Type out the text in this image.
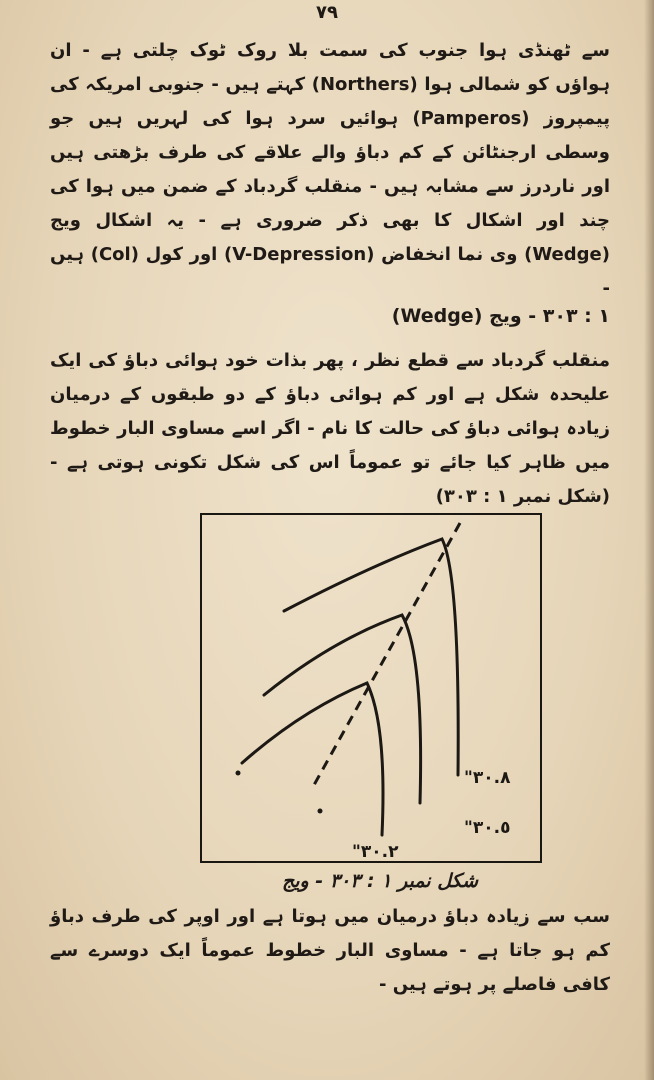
٧٩

سے ٹھنڈی ہوا جنوب کی سمت بلا روک ٹوک چلتی ہے - ان ہواؤں کو شمالی ہوا (Northers) کہتے ہیں - جنوبی امریکہ کی پیمپروز (Pamperos) ہوائیں سرد ہوا کی لہریں ہیں جو وسطی ارجنٹائن کے کم دباؤ والے علاقے کی طرف بڑھتی ہیں اور ناردرز سے مشابہ ہیں - منقلب گردباد کے ضمن میں ہوا کی چند اور اشکال کا بھی ذکر ضروری ہے - یہ اشکال ویج (Wedge) وی نما انخفاض (V-Depression) اور کول (Col) ہیں -

۱ : ۳۰۳ - ویج (Wedge)

منقلب گردباد سے قطع نظر ، پھر بذات خود ہوائی دباؤ کی ایک علیحدہ شکل ہے اور کم ہوائی دباؤ کے دو طبقوں کے درمیان زیادہ ہوائی دباؤ کی حالت کا نام - اگر اسے مساوی البار خطوط میں ظاہر کیا جائے تو عموماً اس کی شکل تکونی ہوتی ہے - (شکل نمبر ۱ : ۳۰۳)

"٣٠.٨
"٣٠.٥
"٣٠.٢
شکل نمبر ۱ : ۳۰۳ - ویج

سب سے زیادہ دباؤ درمیان میں ہوتا ہے اور اوپر کی طرف دباؤ کم ہو جاتا ہے - مساوی البار خطوط عموماً ایک دوسرے سے کافی فاصلے پر ہوتے ہیں -
